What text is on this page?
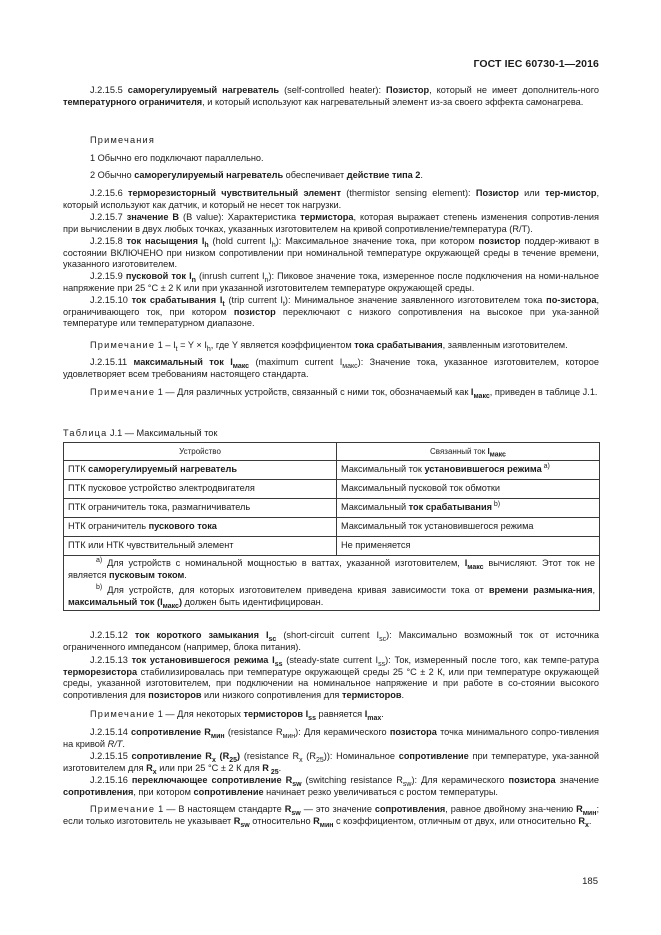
ГОСТ IEC 60730-1—2016
J.2.15.5 саморегулируемый нагреватель (self-controlled heater): Позистор, который не имеет дополнитель-ного температурного ограничителя, и который используют как нагревательный элемент из-за своего эффекта самонагрева.
Примечания
1 Обычно его подключают параллельно.
2 Обычно саморегулируемый нагреватель обеспечивает действие типа 2.
J.2.15.6 терморезисторный чувствительный элемент (thermistor sensing element): Позистор или тер-мистор, который используют как датчик, и который не несет ток нагрузки.
J.2.15.7 значение В (В value): Характеристика термистора, которая выражает степень изменения сопротив-ления при вычислении в двух любых точках, указанных изготовителем на кривой сопротивление/температура (R/T).
J.2.15.8 ток насыщения $I_h$ (hold current $I_h$): Максимальное значение тока, при котором позистор поддер-живают в состоянии ВКЛЮЧЕНО при низком сопротивлении при номинальной температуре окружающей среды в течение времени, указанного изготовителем.
J.2.15.9 пусковой ток $I_n$ (inrush current $I_n$): Пиковое значение тока, измеренное после подключения на номи-нальное напряжение при 25 °С ± 2 К или при указанной изготовителем температуре окружающей среды.
J.2.15.10 ток срабатывания $I_t$ (trip current $I_t$): Минимальное значение заявленного изготовителем тока по-зистора, ограничивающего ток, при котором позистор переключают с низкого сопротивления на высокое при ука-занной температуре или температурном диапазоне.
Примечание $1 - I_t = Y \times I_h$, где Y является коэффициентом тока срабатывания, заявленным изготовителем.
J.2.15.11 максимальный ток $I_{макс}$ (maximum current $I_{макс}$): Значение тока, указанное изготовителем, которое удовлетворяет всем требованиям настоящего стандарта.
Примечание 1 — Для различных устройств, связанный с ними ток, обозначаемый как $I_{макс}$, приведен в таблице J.1.
Таблица J.1 — Максимальный ток
Устройство	Связанный ток $I_{макс}$
ПТК саморегулируемый нагреватель	Максимальный ток установившегося режима $^{а)}$
ПТК пусковое устройство электродвигателя	Максимальный пусковой ток обмотки
ПТК ограничитель тока, размагничиватель	Максимальный ток срабатывания $^{b)}$
НТК ограничитель пускового тока	Максимальный ток установившегося режима
ПТК или НТК чувствительный элемент	Не применяется

$^{а)}$ Для устройств с номинальной мощностью в ваттах, указанной изготовителем, $I_{макс}$ вычисляют. Этот ток не является пусковым током.
$^{b)}$ Для устройств, для которых изготовителем приведена кривая зависимости тока от времени размыка-ния, максимальный ток $(I_{макс})$ должен быть идентифицирован.	
J.2.15.12 ток короткого замыкания $I_{sc}$ (short-circuit current $I_{sc}$): Максимально возможный ток от источника ограниченного импедансом (например, блока питания).
J.2.15.13 ток установившегося режима $I_{ss}$ (steady-state current $I_{ss}$): Ток, измеренный после того, как темпе-ратура терморезистора стабилизировалась при температуре окружающей среды 25 °С ± 2 К, или при температуре окружающей среды, указанной изготовителем, при подключении на номинальное напряжение и при работе в со-стоянии высокого сопротивления для позисторов или низкого сопротивления для термисторов.
Примечание 1 — Для некоторых термисторов $I_{ss}$ равняется $I_{max}$.
J.2.15.14 сопротивление $R_{мин}$ (resistance $R_{мин}$): Для керамического позистора точка минимального сопро-тивления на кривой R/T.
J.2.15.15 сопротивление $R_x$ $(R_{25})$ (resistance $R_x$ $(R_{25})$): Номинальное сопротивление при температуре, ука-занной изготовителем для $R_x$ или при 25 °С ± 2 К для R $_{25}$.
J.2.15.16 переключающее сопротивление $R_{sw}$ (switching resistance $R_{sw}$): Для керамического позистора значение сопротивления, при котором сопротивление начинает резко увеличиваться с ростом температуры.
Примечание 1 — В настоящем стандарте $R_{sw}$ — это значение сопротивления, равное двойному зна-чению $R_{мин}$; если только изготовитель не указывает $R_{sw}$ относительно $R_{мин}$ с коэффициентом, отличным от двух, или относительно $R_x$.
185
